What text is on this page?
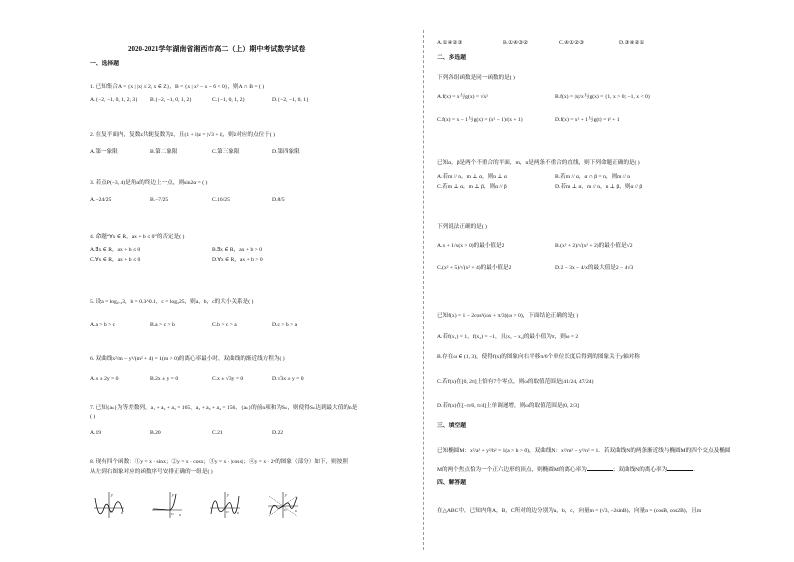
2020-2021学年湖南省湘西市高二（上）期中考试数学试卷
一、选择题
1. 已知集合A = {x | |x| ≤ 2, x ∈ Z}，B = {x | x² − x − 6 < 0}，则A ∩ B = ( )
A.{−2, −1, 0, 1, 2, 3} B.{−2, −1, 0, 1, 2}	C.{−1, 0, 1, 2}	D.{−2, −1, 0, 1}
2. 在复平面内，复数z共轭复数为z̄，且(1 + i)z = |√3 + i|，则z̄对应的点位于( )
A.第一象限	B.第二象限	C.第三象限	D.第四象限
3. 若点P(−3, 4)是角α的终边上一点，则sin2α = ( )
A.−24/25	B.−7/25	C.16/25	D.8/5
4. 命题“∀x ∈ R，ax + b ≤ 0”的否定是( )
A.∃x ∈ R，ax + b ≤ 0	B.∃x ∈ R，ax + b > 0
C.∀x ∈ R，ax + b ≤ 0	D.∀x ∈ R，ax + b > 0
5. 设a = log₀.₃3，b = 0.3^0.1，c = log₃25，则a，b，c的大小关系是( )
A.a > b > c	B.a > c > b	C.b > c > a	D.c > b > a
6. 双曲线x²/m − y²/(m² + 4) = 1(m > 0)的离心率最小时，双曲线的渐近线方程为( )
A.x ± 2y = 0	B.2x ± y = 0	C.x ± √3y = 0	D.√3x ± y = 0
7. 已知{aₙ}为等差数列，a₁ + a₂ + a₃ = 165，a₂ + a₃ + a₄ = 156，{aₙ}的前n项和为Sₙ，则使得Sₙ达到最大值的n是
( )
A.19	B.20	C.21	D.22
8. 现有四个函数：①y = x · sinx；②y = x · cosx；③y = x · |cosx|；④y = x · 2ˣ的图象（部分）如下，则按照
从左到右图象对应的函数序号安排正确的一组是( )
y
x
O
y
x
O
y
x
O
y
x
O
A.①④②③	B.①④③②	C.④①②③	D.③④②①
二、多选题
下列各组函数是同一函数的是( )
A.f(x) = x与g(x) = √x²	B.f(x) = |x|/x与g(x) = {1, x > 0; −1, x < 0}
C.f(x) = x − 1与g(x) = (x² − 1)/(x + 1)	D.f(x) = x² + 1与g(t) = t² + 1
已知α，β是两个不重合的平面，m，n是两条不重合的直线，则下列命题正确的是( )
A.若m // n，m ⊥ α，则n ⊥ α	B.若m // α，α ∩ β = n，则m // n
C.若m ⊥ α，m ⊥ β，则α // β	D.若m ⊥ α，m // n，n ⊥ β，则α // β
下列说法正确的是( )
A.x + 1/x(x > 0)的最小值是2	B.(x² + 2)/√(x² + 2)的最小值是√2
C.(x² + 5)/√(x² + 4)的最小值是2	D.2 − 3x − 4/x的最大值是2 − 4√3
已知f(x) = 1 − 2cos²(ωx + π/3)(ω > 0)，下面结论正确的是( )
A.若f(x₁) = 1，f(x₂) = −1，且|x₁ − x₂|的最小值为π，则ω = 2
B.存在ω ∈ (1, 3)，使得f(x)的图象向右平移π/6个单位长度后得到的图象关于y轴对称
C.若f(x)在[0, 2π]上恰有7个零点，则ω的取值范围是[41/24, 47/24)
D.若f(x)在[−π/6, π/4]上单调递增，则ω的取值范围是(0, 2/3]
三、填空题
已知椭圆M：x²/a² + y²/b² = 1(a > b > 0)，双曲线N：x²/m² − y²/n² = 1．若双曲线N的两条渐近线与椭圆M的四个交点及椭圆
M的两个焦点恰为一个正六边形的顶点，则椭圆M的离心率为	；双曲线N的离心率为	．
四、解答题
在△ABC中，已知内角A，B，C所对的边分别为a，b，c，向量m = (√3, −2sinB)，向量n = (cosB, cos2B)，且m
